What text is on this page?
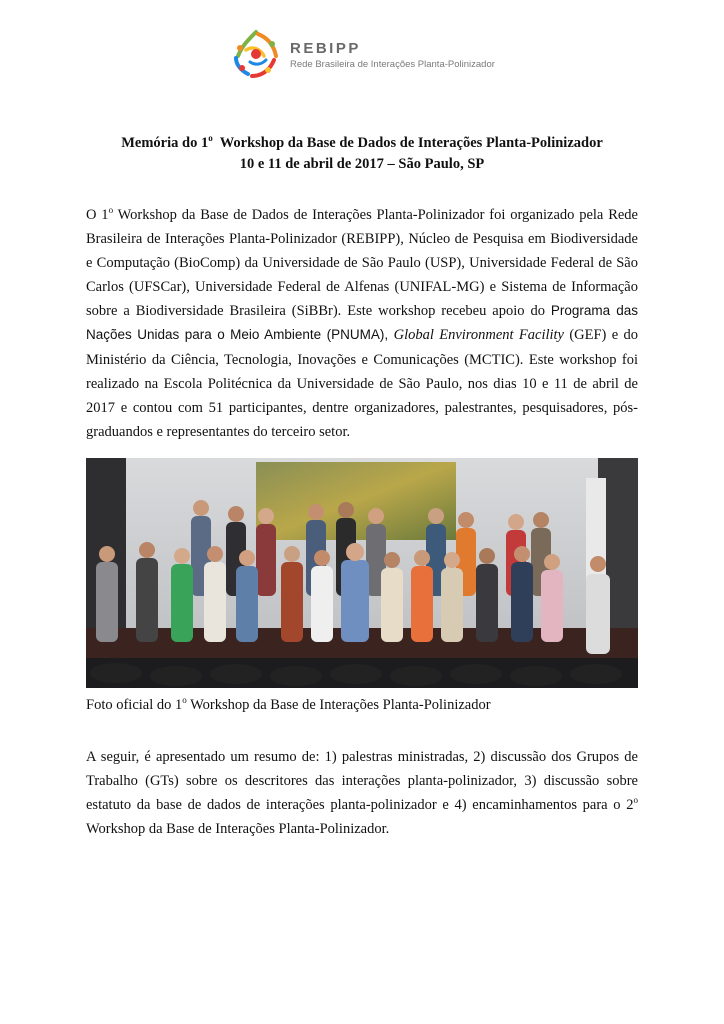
REBIPP
Rede Brasileira de Interações Planta-Polinizador
Memória do 1$^o$  Workshop da Base de Dados de Interações Planta-Polinizador
10 e 11 de abril de 2017 – São Paulo, SP

O 1$^o$ Workshop da Base de Dados de Interações Planta-Polinizador foi organizado pela Rede Brasileira de Interações Planta-Polinizador (REBIPP), Núcleo de Pesquisa em Biodiversidade e Computação (BioComp) da Universidade de São Paulo (USP), Universidade Federal de São Carlos (UFSCar), Universidade Federal de Alfenas (UNIFAL-MG) e Sistema de Informação sobre a Biodiversidade Brasileira (SiBBr). Este workshop recebeu apoio do Programa das Nações Unidas para o Meio Ambiente (PNUMA), Global Environment Facility (GEF) e do Ministério da Ciência, Tecnologia, Inovações e Comunicações (MCTIC). Este workshop foi realizado na Escola Politécnica da Universidade de São Paulo, nos dias 10 e 11 de abril de 2017 e contou com 51 participantes, dentre organizadores, palestrantes, pesquisadores, pós-graduandos e representantes do terceiro setor.

Foto oficial do 1$^o$ Workshop da Base de Interações Planta-Polinizador

A seguir, é apresentado um resumo de: 1) palestras ministradas, 2) discussão dos Grupos de Trabalho (GTs) sobre os descritores das interações planta-polinizador, 3) discussão sobre estatuto da base de dados de interações planta-polinizador e 4) encaminhamentos para o 2$^o$ Workshop da Base de Interações Planta-Polinizador.
